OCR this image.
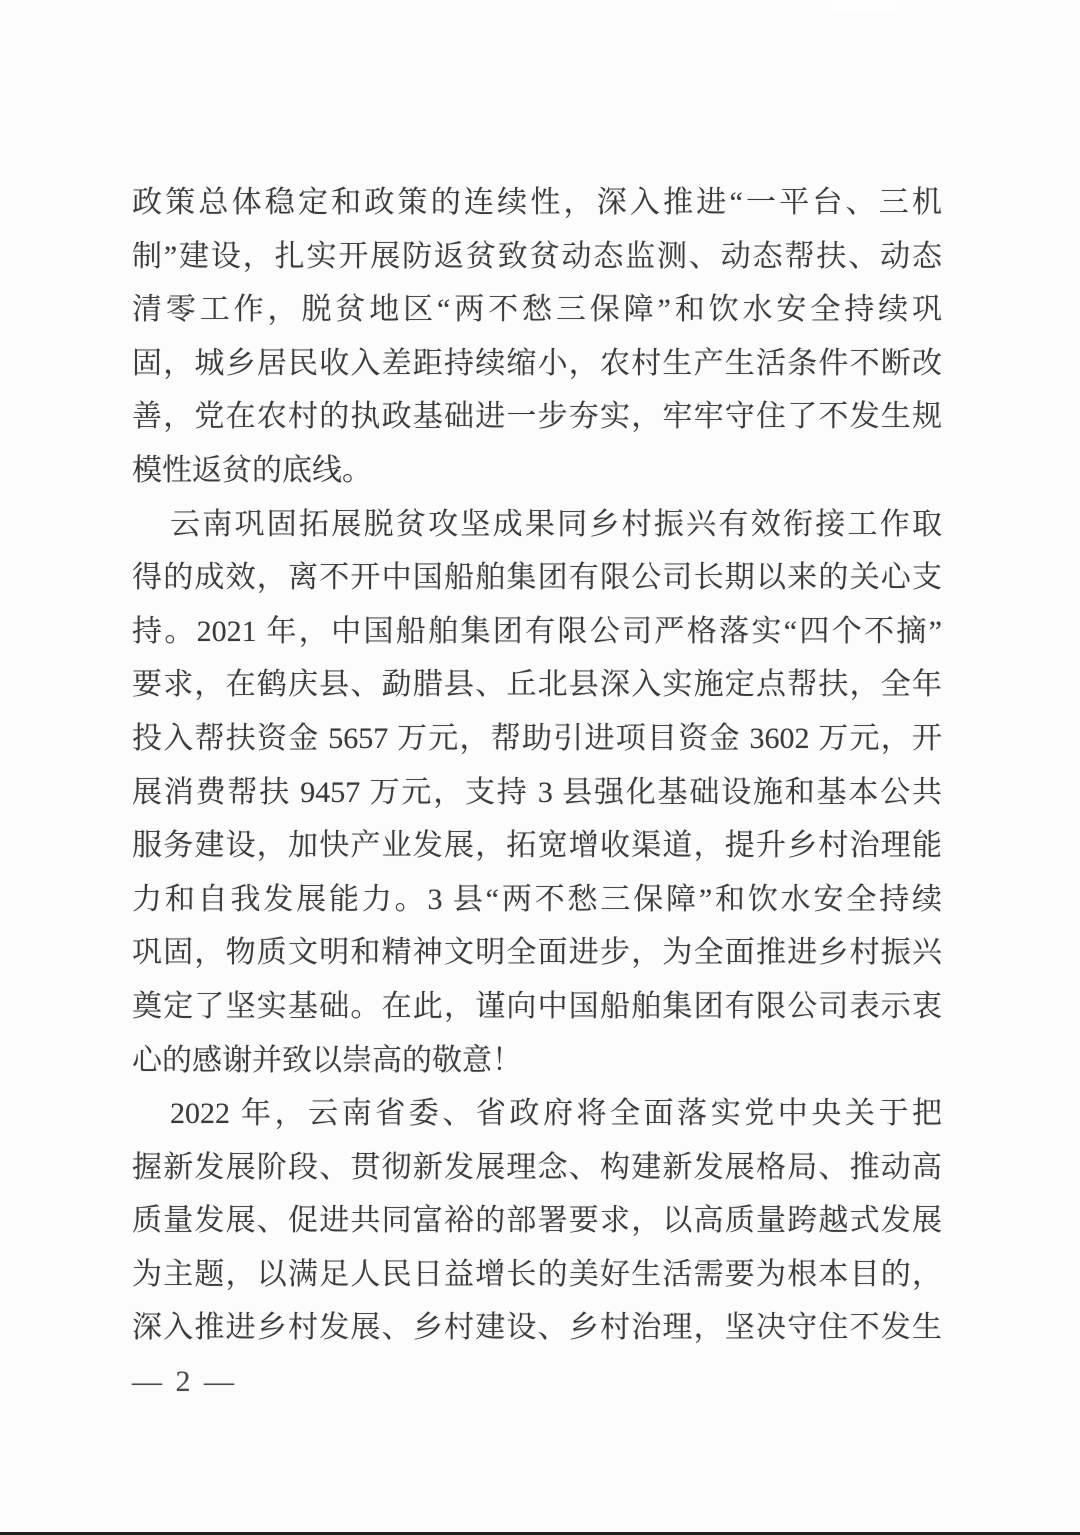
政策总体稳定和政策的连续性，深入推进“一平台、三机
制”建设，扎实开展防返贫致贫动态监测、动态帮扶、动态
清零工作，脱贫地区“两不愁三保障”和饮水安全持续巩
固，城乡居民收入差距持续缩小，农村生产生活条件不断改
善，党在农村的执政基础进一步夯实，牢牢守住了不发生规
模性返贫的底线。
云南巩固拓展脱贫攻坚成果同乡村振兴有效衔接工作取
得的成效，离不开中国船舶集团有限公司长期以来的关心支
持。2021 年，中国船舶集团有限公司严格落实“四个不摘”
要求，在鹤庆县、勐腊县、丘北县深入实施定点帮扶，全年
投入帮扶资金 5657 万元，帮助引进项目资金 3602 万元，开
展消费帮扶 9457 万元，支持 3 县强化基础设施和基本公共
服务建设，加快产业发展，拓宽增收渠道，提升乡村治理能
力和自我发展能力。3 县“两不愁三保障”和饮水安全持续
巩固，物质文明和精神文明全面进步，为全面推进乡村振兴
奠定了坚实基础。在此，谨向中国船舶集团有限公司表示衷
心的感谢并致以崇高的敬意！
2022 年，云南省委、省政府将全面落实党中央关于把
握新发展阶段、贯彻新发展理念、构建新发展格局、推动高
质量发展、促进共同富裕的部署要求，以高质量跨越式发展
为主题，以满足人民日益增长的美好生活需要为根本目的，
深入推进乡村发展、乡村建设、乡村治理，坚决守住不发生
— 2 —
